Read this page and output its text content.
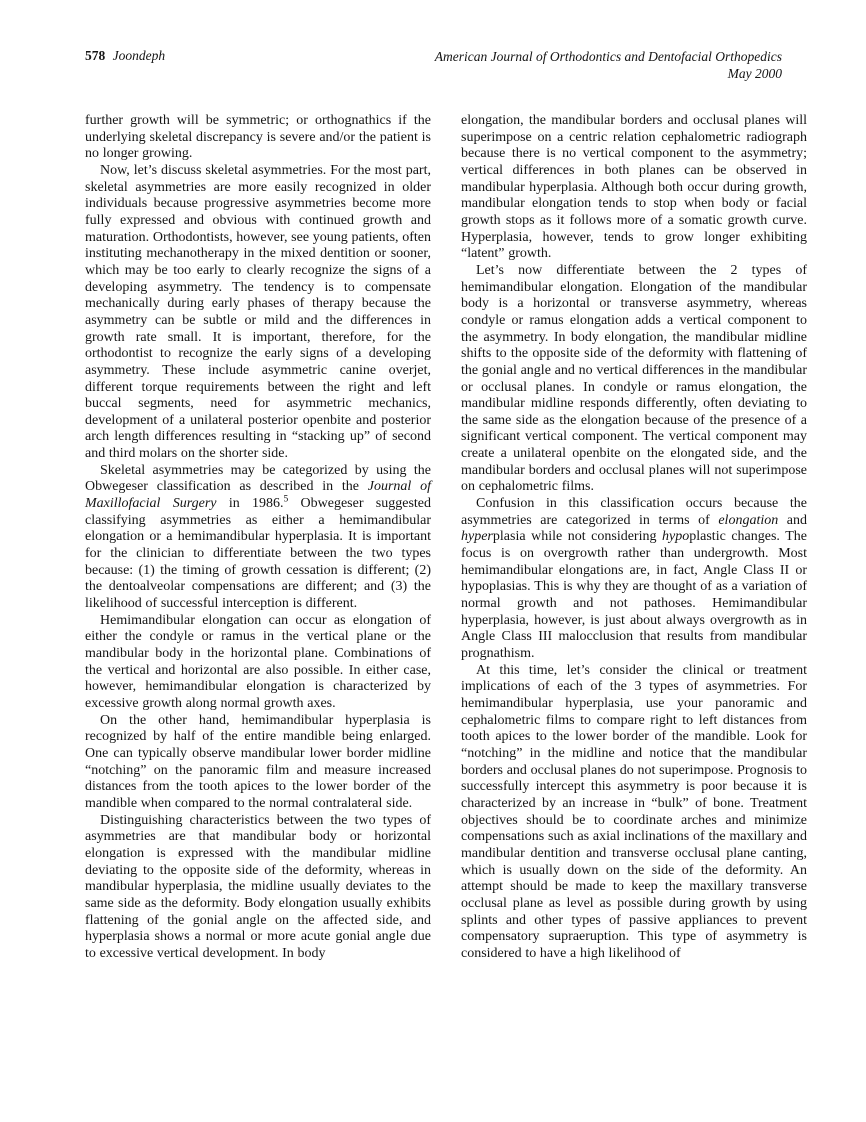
578 Joondeph	American Journal of Orthodontics and Dentofacial Orthopedics
May 2000

further growth will be symmetric; or orthognathics if the underlying skeletal discrepancy is severe and/or the patient is no longer growing.

Now, let’s discuss skeletal asymmetries. For the most part, skeletal asymmetries are more easily recognized in older individuals because progressive asymmetries become more fully expressed and obvious with continued growth and maturation. Orthodontists, however, see young patients, often instituting mechanotherapy in the mixed dentition or sooner, which may be too early to clearly recognize the signs of a developing asymmetry. The tendency is to compensate mechanically during early phases of therapy because the asymmetry can be subtle or mild and the differences in growth rate small. It is important, therefore, for the orthodontist to recognize the early signs of a developing asymmetry. These include asymmetric canine overjet, different torque requirements between the right and left buccal segments, need for asymmetric mechanics, development of a unilateral posterior openbite and posterior arch length differences resulting in “stacking up” of second and third molars on the shorter side.

Skeletal asymmetries may be categorized by using the Obwegeser classification as described in the Journal of Maxillofacial Surgery in 1986.$^5$ Obwegeser suggested classifying asymmetries as either a hemimandibular elongation or a hemimandibular hyperplasia. It is important for the clinician to differentiate between the two types because: (1) the timing of growth cessation is different; (2) the dentoalveolar compensations are different; and (3) the likelihood of successful interception is different.

Hemimandibular elongation can occur as elongation of either the condyle or ramus in the vertical plane or the mandibular body in the horizontal plane. Combinations of the vertical and horizontal are also possible. In either case, however, hemimandibular elongation is characterized by excessive growth along normal growth axes.

On the other hand, hemimandibular hyperplasia is recognized by half of the entire mandible being enlarged. One can typically observe mandibular lower border midline “notching” on the panoramic film and measure increased distances from the tooth apices to the lower border of the mandible when compared to the normal contralateral side.

Distinguishing characteristics between the two types of asymmetries are that mandibular body or horizontal elongation is expressed with the mandibular midline deviating to the opposite side of the deformity, whereas in mandibular hyperplasia, the midline usually deviates to the same side as the deformity. Body elongation usually exhibits flattening of the gonial angle on the affected side, and hyperplasia shows a normal or more acute gonial angle due to excessive vertical development. In body

elongation, the mandibular borders and occlusal planes will superimpose on a centric relation cephalometric radiograph because there is no vertical component to the asymmetry; vertical differences in both planes can be observed in mandibular hyperplasia. Although both occur during growth, mandibular elongation tends to stop when body or facial growth stops as it follows more of a somatic growth curve. Hyperplasia, however, tends to grow longer exhibiting “latent” growth.

Let’s now differentiate between the 2 types of hemimandibular elongation. Elongation of the mandibular body is a horizontal or transverse asymmetry, whereas condyle or ramus elongation adds a vertical component to the asymmetry. In body elongation, the mandibular midline shifts to the opposite side of the deformity with flattening of the gonial angle and no vertical differences in the mandibular or occlusal planes. In condyle or ramus elongation, the mandibular midline responds differently, often deviating to the same side as the elongation because of the presence of a significant vertical component. The vertical component may create a unilateral openbite on the elongated side, and the mandibular borders and occlusal planes will not superimpose on cephalometric films.

Confusion in this classification occurs because the asymmetries are categorized in terms of elongation and hyperplasia while not considering hypoplastic changes. The focus is on overgrowth rather than undergrowth. Most hemimandibular elongations are, in fact, Angle Class II or hypoplasias. This is why they are thought of as a variation of normal growth and not pathoses. Hemimandibular hyperplasia, however, is just about always overgrowth as in Angle Class III malocclusion that results from mandibular prognathism.

At this time, let’s consider the clinical or treatment implications of each of the 3 types of asymmetries. For hemimandibular hyperplasia, use your panoramic and cephalometric films to compare right to left distances from tooth apices to the lower border of the mandible. Look for “notching” in the midline and notice that the mandibular borders and occlusal planes do not superimpose. Prognosis to successfully intercept this asymmetry is poor because it is characterized by an increase in “bulk” of bone. Treatment objectives should be to coordinate arches and minimize compensations such as axial inclinations of the maxillary and mandibular dentition and transverse occlusal plane canting, which is usually down on the side of the deformity. An attempt should be made to keep the maxillary transverse occlusal plane as level as possible during growth by using splints and other types of passive appliances to prevent compensatory supraeruption. This type of asymmetry is considered to have a high likelihood of
